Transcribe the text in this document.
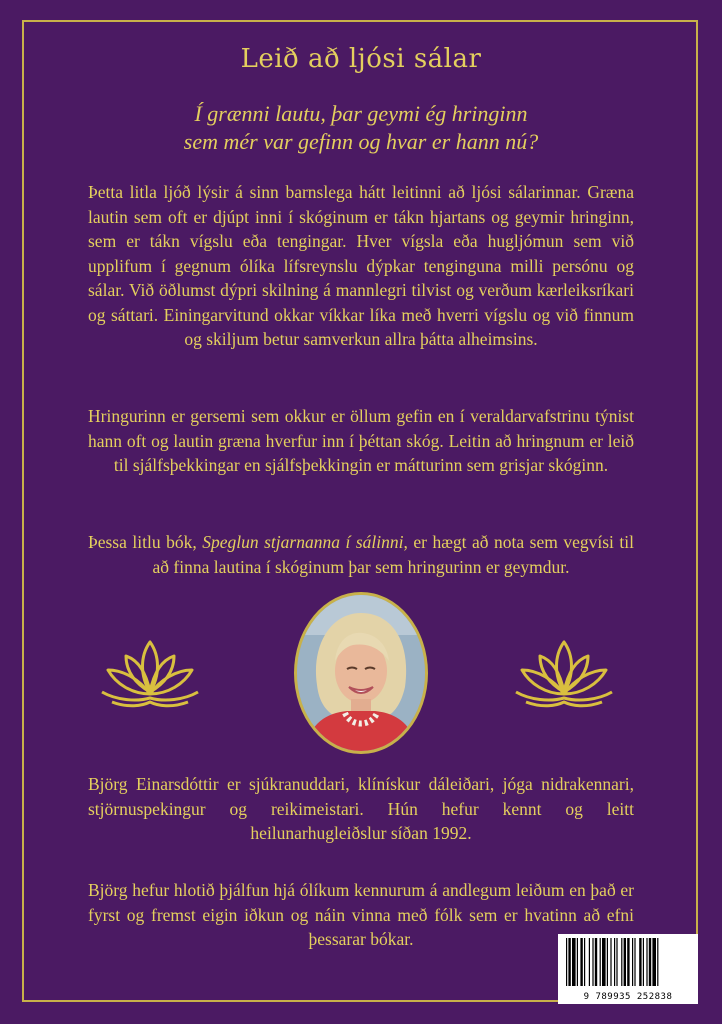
Leið að ljósi sálar
Í grænni lautu, þar geymi ég hringinn
sem mér var gefinn og hvar er hann nú?
Þetta litla ljóð lýsir á sinn barnslega hátt leitinni að ljósi sálarinnar. Græna lautin sem oft er djúpt inni í skóginum er tákn hjartans og geymir hringinn, sem er tákn vígslu eða tengingar. Hver vígsla eða hugljómun sem við upplifum í gegnum ólíka lífsreynslu dýpkar tenginguna milli persónu og sálar. Við öðlumst dýpri skilning á mannlegri tilvist og verðum kærleiksríkari og sáttari. Einingarvitund okkar víkkar líka með hverri vígslu og við finnum og skiljum betur samverkun allra þátta alheimsins.
Hringurinn er gersemi sem okkur er öllum gefin en í veraldarvafstrinu týnist hann oft og lautin græna hverfur inn í þéttan skóg. Leitin að hringnum er leið til sjálfsþekkingar en sjálfsþekkingin er mátturinn sem grisjar skóginn.
Þessa litlu bók, Speglun stjarnanna í sálinni, er hægt að nota sem vegvísi til að finna lautina í skóginum þar sem hringurinn er geymdur.
Björg Einarsdóttir er sjúkranuddari, klínískur dáleiðari, jóga nidrakennari, stjörnuspekingur og reikimeistari. Hún hefur kennt og leitt heilunarhugleiðslur síðan 1992.
Björg hefur hlotið þjálfun hjá ólíkum kennurum á andlegum leiðum en það er fyrst og fremst eigin iðkun og náin vinna með fólk sem er hvatinn að efni þessarar bókar.
9 789935 252838
